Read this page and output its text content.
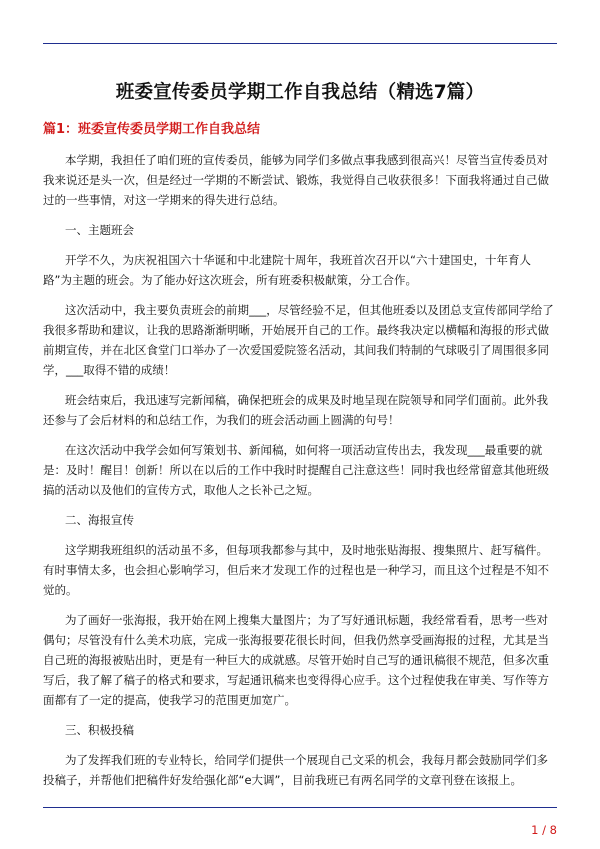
班委宣传委员学期工作自我总结（精选7篇）
篇1：班委宣传委员学期工作自我总结

本学期，我担任了咱们班的宣传委员，能够为同学们多做点事我感到很高兴！尽管当宣传委员对我来说还是头一次，但是经过一学期的不断尝试、锻炼，我觉得自己收获很多！下面我将通过自己做过的一些事情，对这一学期来的得失进行总结。

一、主题班会

开学不久，为庆祝祖国六十华诞和中北建院十周年，我班首次召开以“六十建国史，十年育人路”为主题的班会。为了能办好这次班会，所有班委积极献策，分工合作。

这次活动中，我主要负责班会的前期___，尽管经验不足，但其他班委以及团总支宣传部同学给了我很多帮助和建议，让我的思路渐渐明晰，开始展开自己的工作。最终我决定以横幅和海报的形式做前期宣传，并在北区食堂门口举办了一次爱国爱院签名活动，其间我们特制的气球吸引了周围很多同学，___取得不错的成绩！

班会结束后，我迅速写完新闻稿，确保把班会的成果及时地呈现在院领导和同学们面前。此外我还参与了会后材料的和总结工作，为我们的班会活动画上圆满的句号！

在这次活动中我学会如何写策划书、新闻稿，如何将一项活动宣传出去，我发现___最重要的就是：及时！醒目！创新！所以在以后的工作中我时时提醒自己注意这些！同时我也经常留意其他班级搞的活动以及他们的宣传方式，取他人之长补己之短。

二、海报宣传

这学期我班组织的活动虽不多，但每项我都参与其中，及时地张贴海报、搜集照片、赶写稿件。有时事情太多，也会担心影响学习，但后来才发现工作的过程也是一种学习，而且这个过程是不知不觉的。

为了画好一张海报，我开始在网上搜集大量图片；为了写好通讯标题，我经常看看，思考一些对偶句；尽管没有什么美术功底，完成一张海报要花很长时间，但我仍然享受画海报的过程，尤其是当自己班的海报被贴出时，更是有一种巨大的成就感。尽管开始时自己写的通讯稿很不规范，但多次重写后，我了解了稿子的格式和要求，写起通讯稿来也变得得心应手。这个过程使我在审美、写作等方面都有了一定的提高，使我学习的范围更加宽广。

三、积极投稿

为了发挥我们班的专业特长，给同学们提供一个展现自己文采的机会，我每月都会鼓励同学们多投稿子，并帮他们把稿件好发给强化部“e大调”，目前我班已有两名同学的文章刊登在该报上。

1 / 8
